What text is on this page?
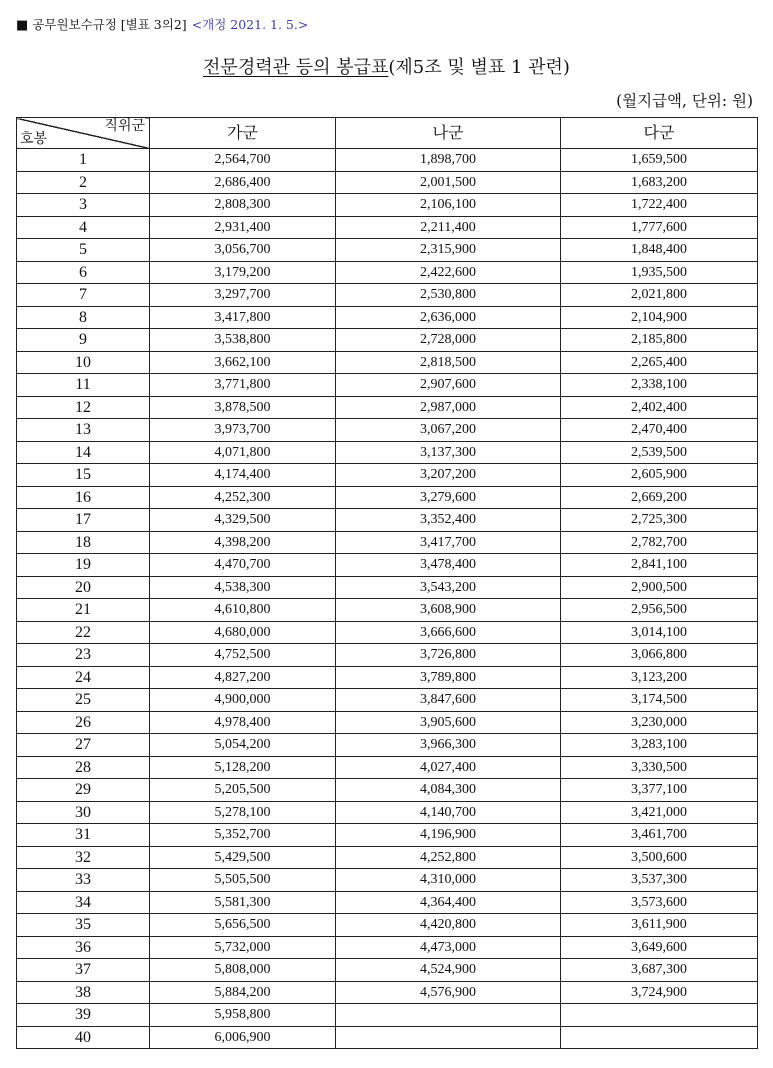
■ 공무원보수규정 [별표 3의2] <개정 2021. 1. 5.>
전문경력관 등의 봉급표(제5조 및 별표 1 관련)
(월지급액, 단위: 원)
직위군
호봉	가군	나군	다군
1	2,564,700	1,898,700	1,659,500
2	2,686,400	2,001,500	1,683,200
3	2,808,300	2,106,100	1,722,400
4	2,931,400	2,211,400	1,777,600
5	3,056,700	2,315,900	1,848,400
6	3,179,200	2,422,600	1,935,500
7	3,297,700	2,530,800	2,021,800
8	3,417,800	2,636,000	2,104,900
9	3,538,800	2,728,000	2,185,800
10	3,662,100	2,818,500	2,265,400
11	3,771,800	2,907,600	2,338,100
12	3,878,500	2,987,000	2,402,400
13	3,973,700	3,067,200	2,470,400
14	4,071,800	3,137,300	2,539,500
15	4,174,400	3,207,200	2,605,900
16	4,252,300	3,279,600	2,669,200
17	4,329,500	3,352,400	2,725,300
18	4,398,200	3,417,700	2,782,700
19	4,470,700	3,478,400	2,841,100
20	4,538,300	3,543,200	2,900,500
21	4,610,800	3,608,900	2,956,500
22	4,680,000	3,666,600	3,014,100
23	4,752,500	3,726,800	3,066,800
24	4,827,200	3,789,800	3,123,200
25	4,900,000	3,847,600	3,174,500
26	4,978,400	3,905,600	3,230,000
27	5,054,200	3,966,300	3,283,100
28	5,128,200	4,027,400	3,330,500
29	5,205,500	4,084,300	3,377,100
30	5,278,100	4,140,700	3,421,000
31	5,352,700	4,196,900	3,461,700
32	5,429,500	4,252,800	3,500,600
33	5,505,500	4,310,000	3,537,300
34	5,581,300	4,364,400	3,573,600
35	5,656,500	4,420,800	3,611,900
36	5,732,000	4,473,000	3,649,600
37	5,808,000	4,524,900	3,687,300
38	5,884,200	4,576,900	3,724,900
39	5,958,800		
40	6,006,900		
